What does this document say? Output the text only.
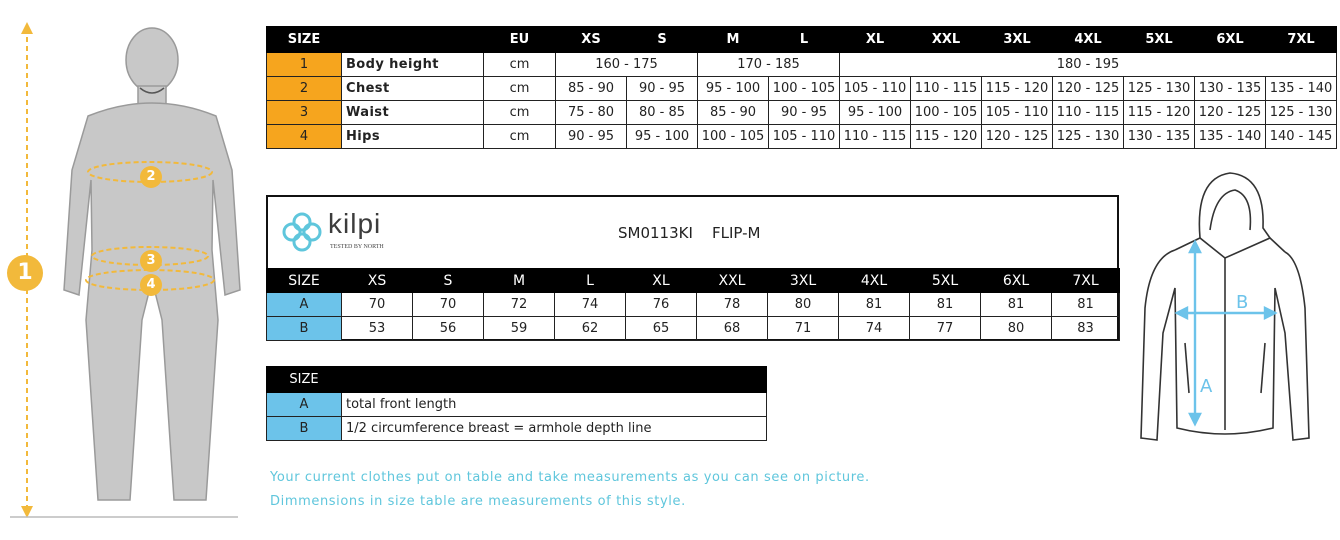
1
2
3
4
SIZE		EU	XS	S	M	L	XL	XXL	3XL	4XL	5XL	6XL	7XL
1	Body height	cm	160 - 175		170 - 185		180 - 195						
2	Chest	cm	85 - 90	90 - 95	95 - 100	100 - 105	105 - 110	110 - 115	115 - 120	120 - 125	125 - 130	130 - 135	135 - 140
3	Waist	cm	75 - 80	80 - 85	85 - 90	90 - 95	95 - 100	100 - 105	105 - 110	110 - 115	115 - 120	120 - 125	125 - 130
4	Hips	cm	90 - 95	95 - 100	100 - 105	105 - 110	110 - 115	115 - 120	120 - 125	125 - 130	130 - 135	135 - 140	140 - 145
kilpi
TESTED BY NORTH
SM0113KI FLIP-M
SIZE	XS	S	M	L	XL	XXL	3XL	4XL	5XL	6XL	7XL
A	70	70	72	74	76	78	80	81	81	81	81
B	53	56	59	62	65	68	71	74	77	80	83
SIZE	
A	total front length
B	1/2 circumference breast = armhole depth line
Your current clothes put on table and take measurements as you can see on picture.
Dimmensions in size table are measurements of this style.
A
B
